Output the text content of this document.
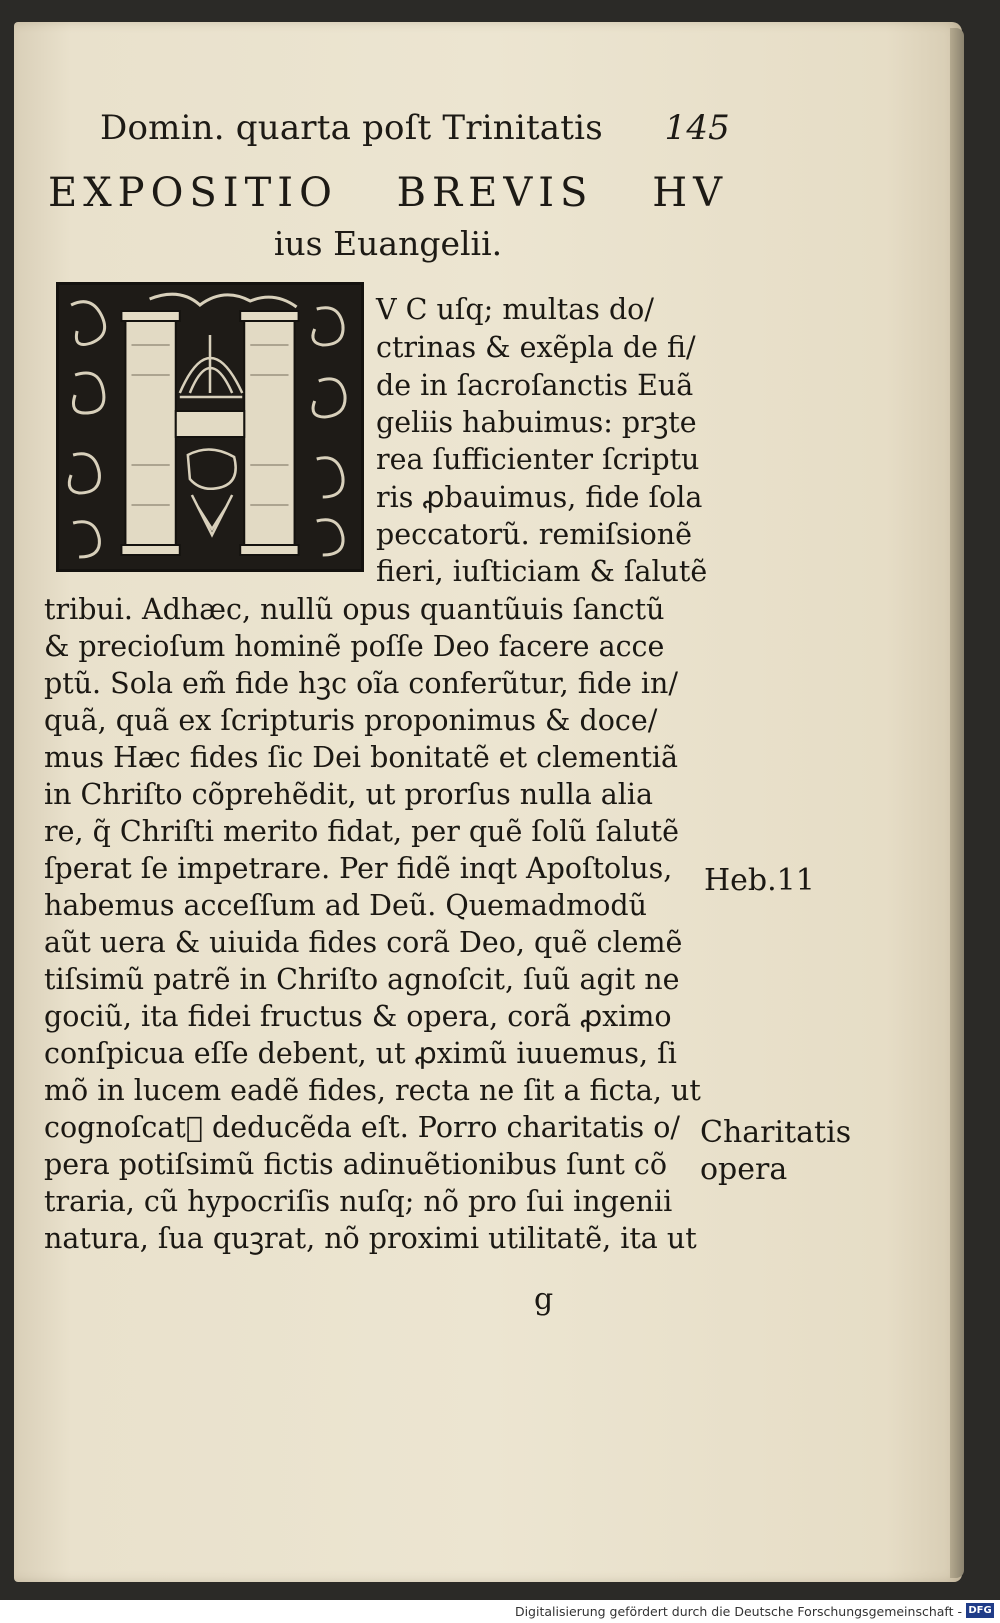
Domin. quarta poſt Trinitatis 145
EXPOSITIO BREVIS HV
ius Euangelii.
V C uſq; multas do/
ctrinas & exẽpla de fi/
de in ſacroſanctis Euã
geliis habuimus: prꝫte
rea ſufficienter ſcriptu
ris ꝓbauimus, fide ſola
peccatorũ. remiſsionẽ
fieri, iuſticiam & ſalutẽ
tribui. Adhæc, nullũ opus quantũuis ſanctũ
& precioſum hominẽ poſſe Deo facere acce
ptũ. Sola em̃ fide hꝫc oĩa conferũtur, fide in/
quã, quã ex ſcripturis proponimus & doce/
mus Hæc fides ſic Dei bonitatẽ et clementiã
in Chriſto cõprehẽdit, ut prorſus nulla alia
re, q̃ Chriſti merito fidat, per quẽ ſolũ ſalutẽ
ſperat ſe impetrare. Per fidẽ inqt Apoſtolus,
habemus acceſſum ad Deũ. Quemadmodũ
aũt uera & uiuida fides corã Deo, quẽ clemẽ
tiſsimũ patrẽ in Chriſto agnoſcit, ſuũ agit ne
gociũ, ita fidei fructus & opera, corã ꝓximo
conſpicua eſſe debent, ut ꝓximũ iuuemus, ſi
mõ in lucem eadẽ fides, recta ne ſit a ficta, ut
cognoſcatᷣ deducẽda eſt. Porro charitatis o/
pera potiſsimũ fictis adinuẽtionibus ſunt cõ
traria, cũ hypocriſis nuſq; nõ pro ſui ingenii
natura, ſua quꝫrat, nõ proximi utilitatẽ, ita ut
Heb.11
Charitatis
opera
g
Digitalisierung gefördert durch die Deutsche Forschungsgemeinschaft - DFG
